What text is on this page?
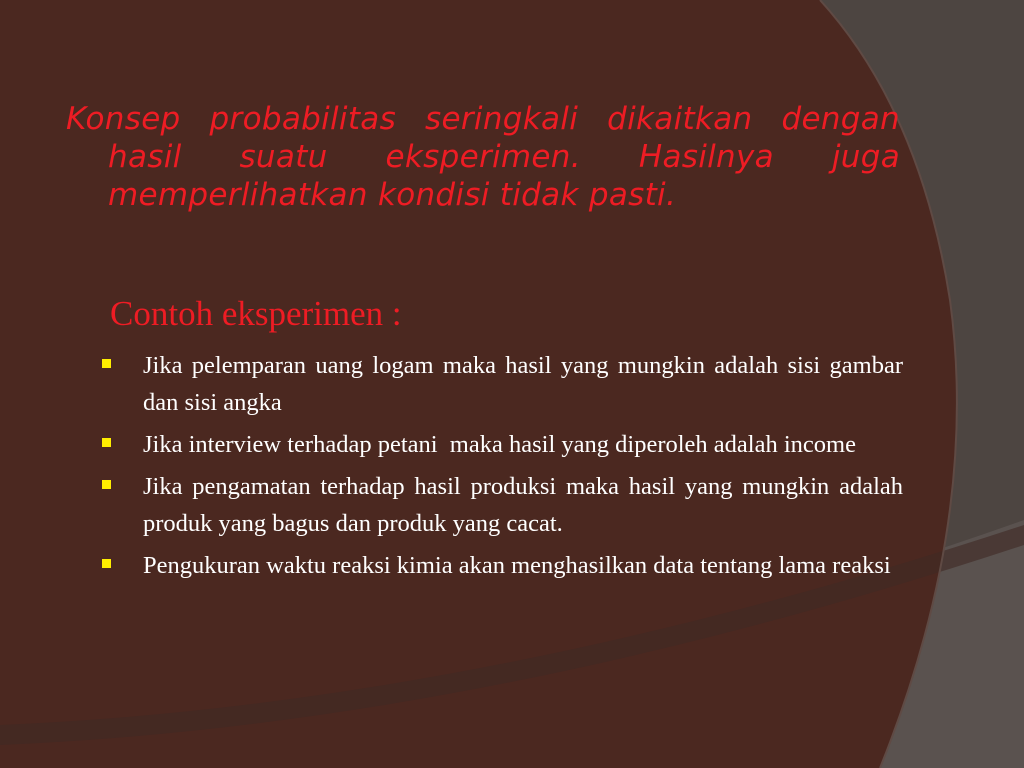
Konsep probabilitas seringkali dikaitkan dengan hasil suatu eksperimen. Hasilnya juga memperlihatkan kondisi tidak pasti.

Contoh eksperimen :

Jika pelemparan uang logam maka hasil yang mungkin adalah sisi gambar dan sisi angka
Jika interview terhadap petani  maka hasil yang diperoleh adalah income
Jika pengamatan terhadap hasil produksi maka hasil yang mungkin adalah produk yang bagus dan produk yang cacat.
Pengukuran waktu reaksi kimia akan menghasilkan data tentang lama reaksi
